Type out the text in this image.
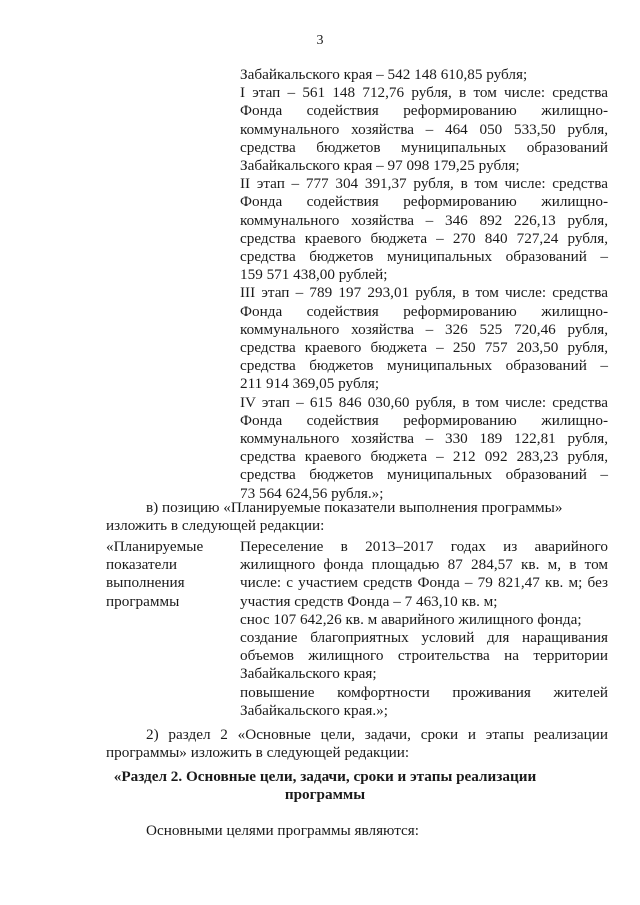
3

Забайкальского края – 542 148 610,85 рубля;

I этап – 561 148 712,76 рубля, в том числе: средства

Фонда содействия реформированию жилищно-

коммунального хозяйства – 464 050 533,50 рубля,

средства бюджетов муниципальных образований

Забайкальского края – 97 098 179,25 рубля;

II этап – 777 304 391,37 рубля, в том числе: средства

Фонда содействия реформированию жилищно-

коммунального хозяйства – 346 892 226,13 рубля,

средства краевого бюджета – 270 840 727,24 рубля,

средства бюджетов муниципальных образований –

159 571 438,00 рублей;

III этап – 789 197 293,01 рубля, в том числе: средства

Фонда содействия реформированию жилищно-

коммунального хозяйства – 326 525 720,46 рубля,

средства краевого бюджета – 250 757 203,50 рубля,

средства бюджетов муниципальных образований –

211 914 369,05 рубля;

IV этап – 615 846 030,60 рубля, в том числе: средства

Фонда содействия реформированию жилищно-

коммунального хозяйства – 330 189 122,81 рубля,

средства краевого бюджета – 212 092 283,23 рубля,

средства бюджетов муниципальных образований –

73 564 624,56 рубля.»;

в) позицию «Планируемые показатели выполнения программы»

изложить в следующей редакции:

«Планируемые

показатели

выполнения

программы

Переселение в 2013–2017 годах из аварийного

жилищного фонда площадью 87 284,57 кв. м, в том

числе: с участием средств Фонда – 79 821,47 кв. м; без

участия средств Фонда – 7 463,10 кв. м;

снос 107 642,26 кв. м аварийного жилищного фонда;

создание благоприятных условий для наращивания

объемов жилищного строительства на территории

Забайкальского края;

повышение комфортности проживания жителей

Забайкальского края.»;

2) раздел 2 «Основные цели, задачи, сроки и этапы реализации

программы» изложить в следующей редакции:

«Раздел 2. Основные цели, задачи, сроки и этапы реализации
программы

Основными целями программы являются:
